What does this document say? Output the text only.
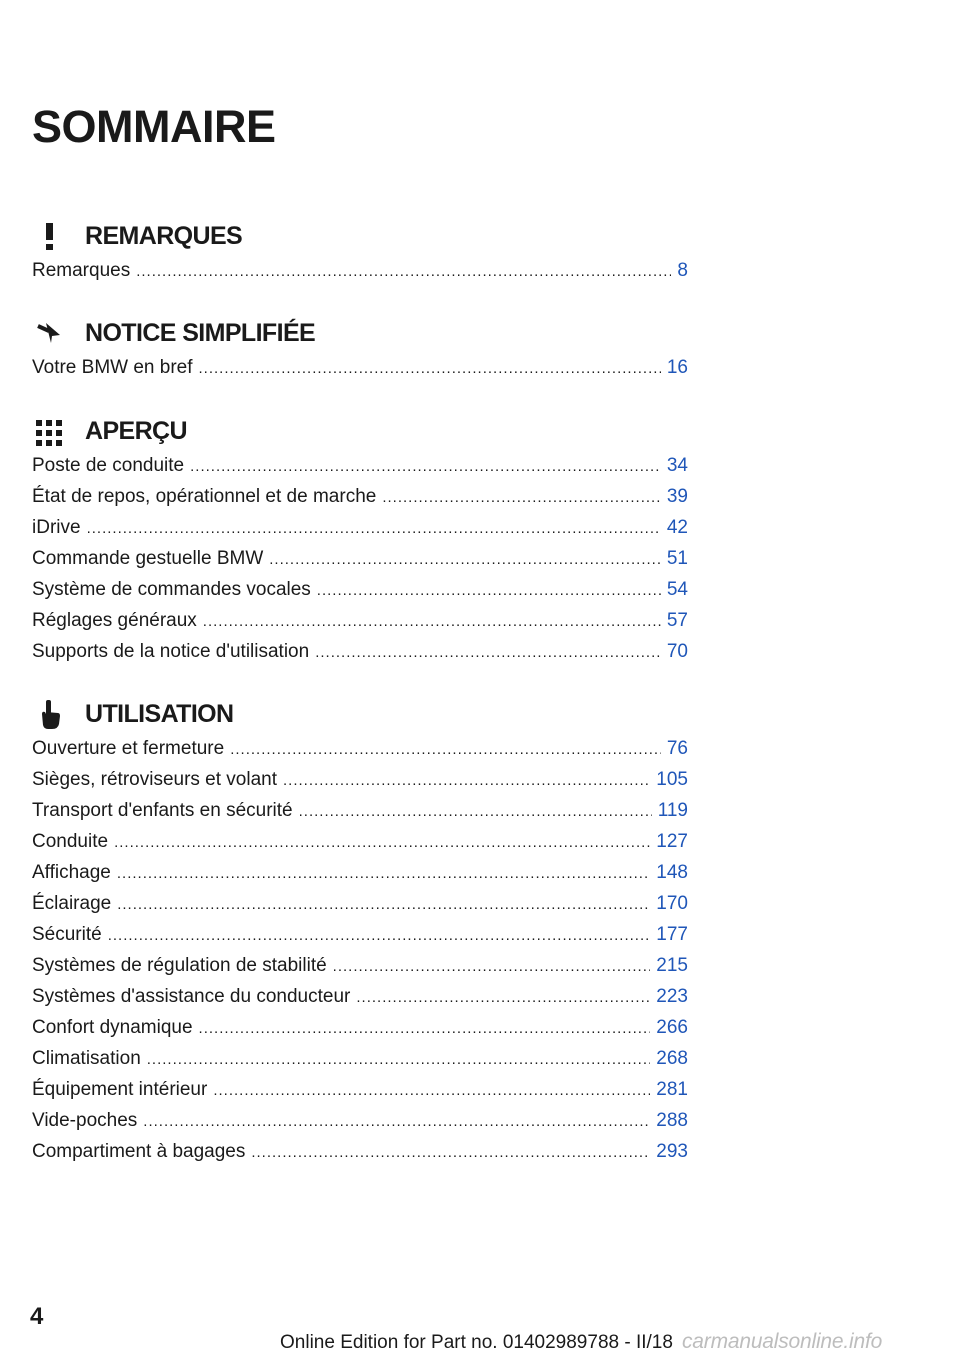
SOMMAIRE
REMARQUES
Remarques .....	8
NOTICE SIMPLIFIÉE
Votre BMW en bref .....	16
APERÇU
Poste de conduite .....	34
État de repos, opérationnel et de marche .....	39
iDrive .....	42
Commande gestuelle BMW .....	51
Système de commandes vocales .....	54
Réglages généraux .....	57
Supports de la notice d'utilisation .....	70
UTILISATION
Ouverture et fermeture .....	76
Sièges, rétroviseurs et volant .....	105
Transport d'enfants en sécurité .....	119
Conduite .....	127
Affichage .....	148
Éclairage .....	170
Sécurité .....	177
Systèmes de régulation de stabilité .....	215
Systèmes d'assistance du conducteur .....	223
Confort dynamique .....	266
Climatisation .....	268
Équipement intérieur .....	281
Vide-poches .....	288
Compartiment à bagages .....	293
4
Online Edition for Part no. 01402989788 - II/18 carmanualsonline.info
